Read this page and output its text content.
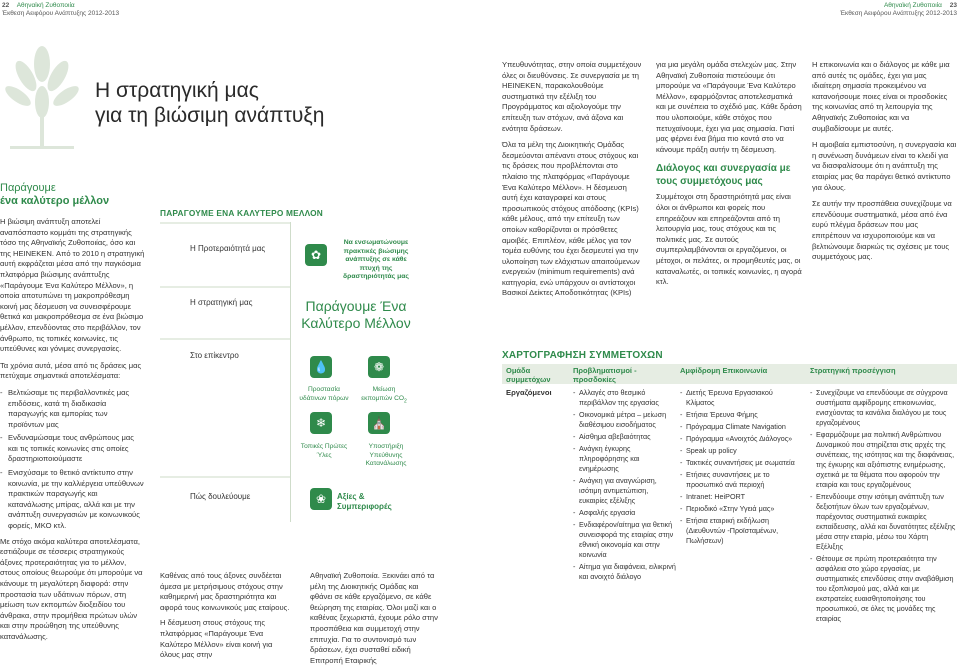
22 Αθηναϊκή Ζυθοποιία
Έκθεση Αειφόρου Ανάπτυξης 2012-2013
Αθηναϊκή Ζυθοποιία 23
Έκθεση Αειφόρου Ανάπτυξης 2012-2013
Η στρατηγική μας
για τη βιώσιμη ανάπτυξη
Παράγουμε
ένα καλύτερο μέλλον

Η βιώσιμη ανάπτυξη αποτελεί αναπόσπαστο κομμάτι της στρατηγικής τόσο της Αθηναϊκής Ζυθοποιίας, όσο και της HEINEKEN. Από το 2010 η στρατηγική αυτή εκφράζεται μέσα από την παγκόσμια πλατφόρμα βιώσιμης ανάπτυξης «Παράγουμε Ένα Καλύτερο Μέλλον», η οποία αποτυπώνει τη μακροπρόθεσμη κοινή μας δέσμευση να συνεισφέρουμε θετικά και μακροπρόθεσμα σε ένα βιώσιμο μέλλον, επενδύοντας στο περιβάλλον, τον άνθρωπο, τις τοπικές κοινωνίες, τις υπεύθυνες και γόνιμες συνεργασίες.

Τα χρόνια αυτά, μέσα από τις δράσεις μας πετύχαμε σημαντικά αποτελέσματα:

- Βελτιώσαμε τις περιβαλλοντικές μας επιδόσεις, κατά τη διαδικασία παραγωγής και εμπορίας των προϊόντων μας
- Ενδυναμώσαμε τους ανθρώπους μας και τις τοπικές κοινωνίες στις οποίες δραστηριοποιούμαστε
- Ενισχύσαμε το θετικό αντίκτυπο στην κοινωνία, με την καλλιέργεια υπεύθυνων πρακτικών παραγωγής και κατανάλωσης μπίρας, αλλά και με την ανάπτυξη συνεργασιών με κοινωνικούς φορείς, ΜΚΟ κτλ.

Με στόχο ακόμα καλύτερα αποτελέσματα, εστιάζουμε σε τέσσερις στρατηγικούς άξονες προτεραιότητας για το μέλλον, στους οποίους θεωρούμε ότι μπορούμε να κάνουμε τη μεγαλύτερη διαφορά: στην προστασία των υδάτινων πόρων, στη μείωση των εκπομπών διοξειδίου του άνθρακα, στην προμήθεια πρώτων υλών και στην προώθηση της υπεύθυνης κατανάλωσης.

ΠΑΡΑΓΟΥΜΕ ΕΝΑ ΚΑΛΥΤΕΡΟ ΜΕΛΛΟΝ
Η Προτεραιότητά μας
Η στρατηγική μας
Στο επίκεντρο
Πώς δουλεύουμε
✿
Να ενσωματώνουμε πρακτικές βιώσιμης ανάπτυξης σε κάθε πτυχή της δραστηριότητάς μας
Παράγουμε Ένα
Καλύτερο Μέλλον
💧	❁
Προστασία υδάτινων πόρων
Μείωση εκπομπών $CO_2$
❄	⛪
Τοπικές Πρώτες Ύλες
Υποστήριξη Υπεύθυνης Κατανάλωσης
❀	Αξίες &
Συμπεριφορές

Καθένας από τους άξονες συνδέεται άμεσα με μετρήσιμους στόχους στην καθημερινή μας δραστηριότητα και αφορά τους κοινωνικούς μας εταίρους.

Η δέσμευση στους στόχους της πλατφόρμας «Παράγουμε Ένα Καλύτερο Μέλλον» είναι κοινή για όλους μας στην

Αθηναϊκή Ζυθοποιία. Ξεκινάει από τα μέλη της Διοικητικής Ομάδας και φθάνει σε κάθε εργαζόμενο, σε κάθε θεώρηση της εταιρίας. Όλοι μαζί και ο καθένας ξεχωριστά, έχουμε ρόλο στην προσπάθεια και συμμετοχή στην επιτυχία. Για το συντονισμό των δράσεων, έχει συσταθεί ειδική Επιτροπή Εταιρικής

Υπευθυνότητας, στην οποία συμμετέχουν όλες οι διευθύνσεις. Σε συνεργασία με τη HEINEKEN, παρακολουθούμε συστηματικά την εξέλιξη του Προγράμματος και αξιολογούμε την επίτευξη των στόχων, ανά άξονα και ενότητα δράσεων.

Όλα τα μέλη της Διοικητικής Ομάδας δεσμεύονται απέναντι στους στόχους και τις δράσεις που προβλέπονται στο πλαίσιο της πλατφόρμας «Παράγουμε Ένα Καλύτερο Μέλλον». Η δέσμευση αυτή έχει καταγραφεί και στους προσωπικούς στόχους απόδοσης (KPIs) κάθε μέλους, από την επίτευξη των οποίων καθορίζονται οι πρόσθετες αμοιβές. Επιπλέον, κάθε μέλος για τον τομέα ευθύνης του έχει δεσμευτεί για την υλοποίηση των ελάχιστων απαιτούμενων ενεργειών (minimum requirements) ανά κατηγορία, ενώ υπάρχουν οι αντίστοιχοι Βασικοί Δείκτες Αποδοτικότητας (KPIs)

για μια μεγάλη ομάδα στελεχών μας. Στην Αθηναϊκή Ζυθοποιία πιστεύουμε ότι μπορούμε να «Παράγουμε Ένα Καλύτερο Μέλλον», εφαρμόζοντας αποτελεσματικά και με συνέπεια το σχέδιό μας. Κάθε δράση που υλοποιούμε, κάθε στόχος που πετυχαίνουμε, έχει για μας σημασία. Γιατί μας φέρνει ένα βήμα πιο κοντά στο να κάνουμε πράξη αυτήν τη δέσμευση.

Διάλογος και συνεργασία με
τους συμμετόχους μας

Συμμέτοχοι στη δραστηριότητά μας είναι όλοι οι άνθρωποι και φορείς που επηρεάζουν και επηρεάζονται από τη λειτουργία μας, τους στόχους και τις πολιτικές μας. Σε αυτούς συμπεριλαμβάνονται οι εργαζόμενοι, οι μέτοχοι, οι πελάτες, οι προμηθευτές μας, οι καταναλωτές, οι τοπικές κοινωνίες, η αγορά κτλ.

Η επικοινωνία και ο διάλογος με κάθε μια από αυτές τις ομάδες, έχει για μας ιδιαίτερη σημασία προκειμένου να κατανοήσουμε ποιες είναι οι προσδοκίες της κοινωνίας από τη λειτουργία της Αθηναϊκής Ζυθοποιίας και να συμβαδίσουμε με αυτές.

Η αμοιβαία εμπιστοσύνη, η συνεργασία και η συνένωση δυνάμεων είναι το κλειδί για να διασφαλίσουμε ότι η ανάπτυξη της εταιρίας μας θα παράγει θετικό αντίκτυπο για όλους.

Σε αυτήν την προσπάθεια συνεχίζουμε να επενδύουμε συστηματικά, μέσα από ένα ευρύ πλέγμα δράσεων που μας επιτρέπουν να ισχυροποιούμε και να βελτιώνουμε διαρκώς τις σχέσεις με τους συμμετόχους μας.

ΧΑΡΤΟΓΡΑΦΗΣΗ ΣΥΜΜΕΤΟΧΩΝ
Ομάδα συμμετόχων
Προβληματισμοί - προσδοκίες
Αμφίδρομη Επικοινωνία	Στρατηγική προσέγγιση
Εργαζόμενοι
-	Αλλαγές στο θεσμικό περιβάλλον της εργασίας
- Οικονομικά μέτρα – μείωση διαθέσιμου εισοδήματος
- Αίσθημα αβεβαιότητας
- Ανάγκη έγκυρης πληροφόρησης και ενημέρωσης
- Ανάγκη για αναγνώριση, ισότιμη αντιμετώπιση, ευκαιρίες εξέλιξης
- Ασφαλής εργασία
- Ενδιαφέρον/αίτημα για θετική συνεισφορά της εταιρίας στην εθνική οικονομία και στην κοινωνία
- Αίτημα για διαφάνεια, ειλικρινή και ανοιχτό διάλογο
- Διετής Έρευνα Εργασιακού Κλίματος
- Ετήσια Έρευνα Φήμης
- Πρόγραμμα Climate Navigation
- Πρόγραμμα «Ανοιχτός Διάλογος»
- Speak up policy
- Τακτικές συναντήσεις με σωματεία
- Ετήσιες συναντήσεις με το προσωπικό ανά περιοχή
- Intranet: HeiPORT
- Περιοδικό «Στην Υγειά μας»
- Ετήσια εταιρική εκδήλωση (Διευθυντών -Προϊσταμένων, Πωλήσεων)
- Συνεχίζουμε να επενδύουμε σε σύγχρονα συστήματα αμφίδρομης επικοινωνίας, ενισχύοντας τα κανάλια διαλόγου με τους εργαζομένους
- Εφαρμόζουμε μια πολιτική Ανθρώπινου Δυναμικού που στηρίζεται στις αρχές της συνέπειας, της ισότητας και της διαφάνειας, της έγκυρης και αξιόπιστης ενημέρωσης, σχετικά με τα θέματα που αφορούν την εταιρία και τους εργαζομένους
- Επενδύουμε στην ισότιμη ανάπτυξη των δεξιοτήτων όλων των εργαζομένων, παρέχοντας συστηματικά ευκαιρίες εκπαίδευσης, αλλά και δυνατότητες εξέλιξης μέσα στην εταιρία, μέσω του Χάρτη Εξέλιξης
- Θέτουμε σε πρώτη προτεραιότητα την ασφάλεια στο χώρο εργασίας, με συστηματικές επενδύσεις στην αναβάθμιση του εξοπλισμού μας, αλλά και με εκστρατείες ευαισθητοποίησης του προσωπικού, σε όλες τις μονάδες της εταιρίας
